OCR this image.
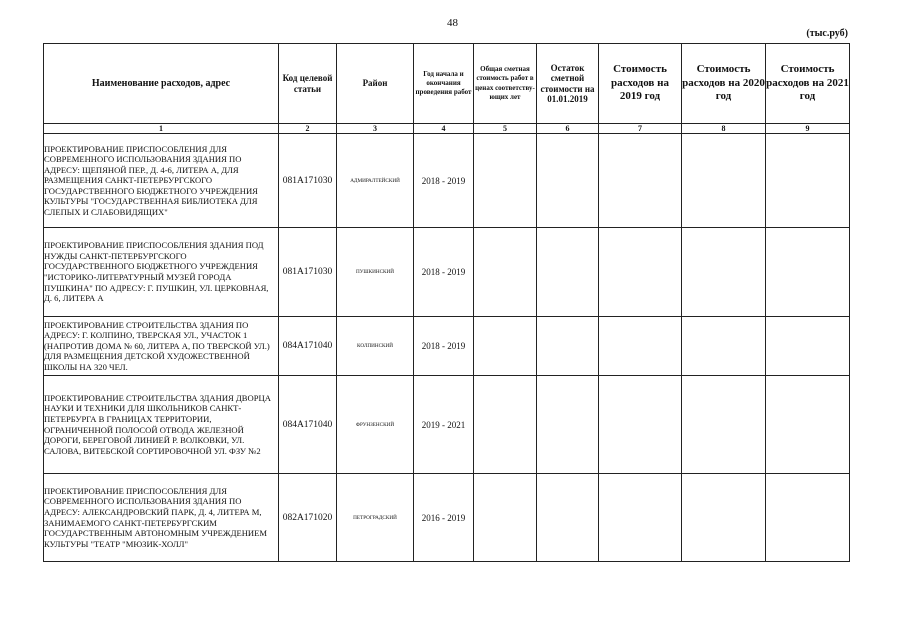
48
(тыс.руб)
Наименование расходов, адрес	Код целевой статьи	Район	Год начала и окончания проведения работ	Общая сметная стоимость работ в ценах соответству-ющих лет	Остаток сметной стоимости на 01.01.2019	Стоимость расходов на 2019 год	Стоимость расходов на 2020 год	Стоимость расходов на 2021 год
1	2	3	4	5	6	7	8	9
ПРОЕКТИРОВАНИЕ ПРИСПОСОБЛЕНИЯ ДЛЯ СОВРЕМЕННОГО ИСПОЛЬЗОВАНИЯ ЗДАНИЯ ПО АДРЕСУ: ЩЕПЯНОЙ ПЕР., Д. 4-6, ЛИТЕРА А, ДЛЯ РАЗМЕЩЕНИЯ САНКТ-ПЕТЕРБУРГСКОГО ГОСУДАРСТВЕННОГО БЮДЖЕТНОГО УЧРЕЖДЕНИЯ КУЛЬТУРЫ "ГОСУДАРСТВЕННАЯ БИБЛИОТЕКА ДЛЯ СЛЕПЫХ И СЛАБОВИДЯЩИХ"	081А171030	АДМИРАЛТЕЙСКИЙ	2018 - 2019					
ПРОЕКТИРОВАНИЕ ПРИСПОСОБЛЕНИЯ ЗДАНИЯ ПОД НУЖДЫ САНКТ-ПЕТЕРБУРГСКОГО ГОСУДАРСТВЕННОГО БЮДЖЕТНОГО УЧРЕЖДЕНИЯ "ИСТОРИКО-ЛИТЕРАТУРНЫЙ МУЗЕЙ ГОРОДА ПУШКИНА" ПО АДРЕСУ: Г. ПУШКИН, УЛ. ЦЕРКОВНАЯ, Д. 6, ЛИТЕРА А	081А171030	ПУШКИНСКИЙ	2018 - 2019					
ПРОЕКТИРОВАНИЕ СТРОИТЕЛЬСТВА ЗДАНИЯ ПО АДРЕСУ: Г. КОЛПИНО, ТВЕРСКАЯ УЛ., УЧАСТОК 1 (НАПРОТИВ ДОМА № 60, ЛИТЕРА А, ПО ТВЕРСКОЙ УЛ.) ДЛЯ РАЗМЕЩЕНИЯ ДЕТСКОЙ ХУДОЖЕСТВЕННОЙ ШКОЛЫ НА 320 ЧЕЛ.	084А171040	КОЛПИНСКИЙ	2018 - 2019					
ПРОЕКТИРОВАНИЕ СТРОИТЕЛЬСТВА ЗДАНИЯ ДВОРЦА НАУКИ И ТЕХНИКИ ДЛЯ ШКОЛЬНИКОВ САНКТ-ПЕТЕРБУРГА В ГРАНИЦАХ ТЕРРИТОРИИ, ОГРАНИЧЕННОЙ ПОЛОСОЙ ОТВОДА ЖЕЛЕЗНОЙ ДОРОГИ, БЕРЕГОВОЙ ЛИНИЕЙ Р. ВОЛКОВКИ, УЛ. САЛОВА, ВИТЕБСКОЙ СОРТИРОВОЧНОЙ УЛ. ФЗУ №2	084А171040	ФРУНЗЕНСКИЙ	2019 - 2021					
ПРОЕКТИРОВАНИЕ ПРИСПОСОБЛЕНИЯ ДЛЯ СОВРЕМЕННОГО ИСПОЛЬЗОВАНИЯ ЗДАНИЯ ПО АДРЕСУ: АЛЕКСАНДРОВСКИЙ ПАРК, Д. 4, ЛИТЕРА М, ЗАНИМАЕМОГО САНКТ-ПЕТЕРБУРГСКИМ ГОСУДАРСТВЕННЫМ АВТОНОМНЫМ УЧРЕЖДЕНИЕМ КУЛЬТУРЫ "ТЕАТР "МЮЗИК-ХОЛЛ"	082А171020	ПЕТРОГРАДСКИЙ	2016 - 2019					
